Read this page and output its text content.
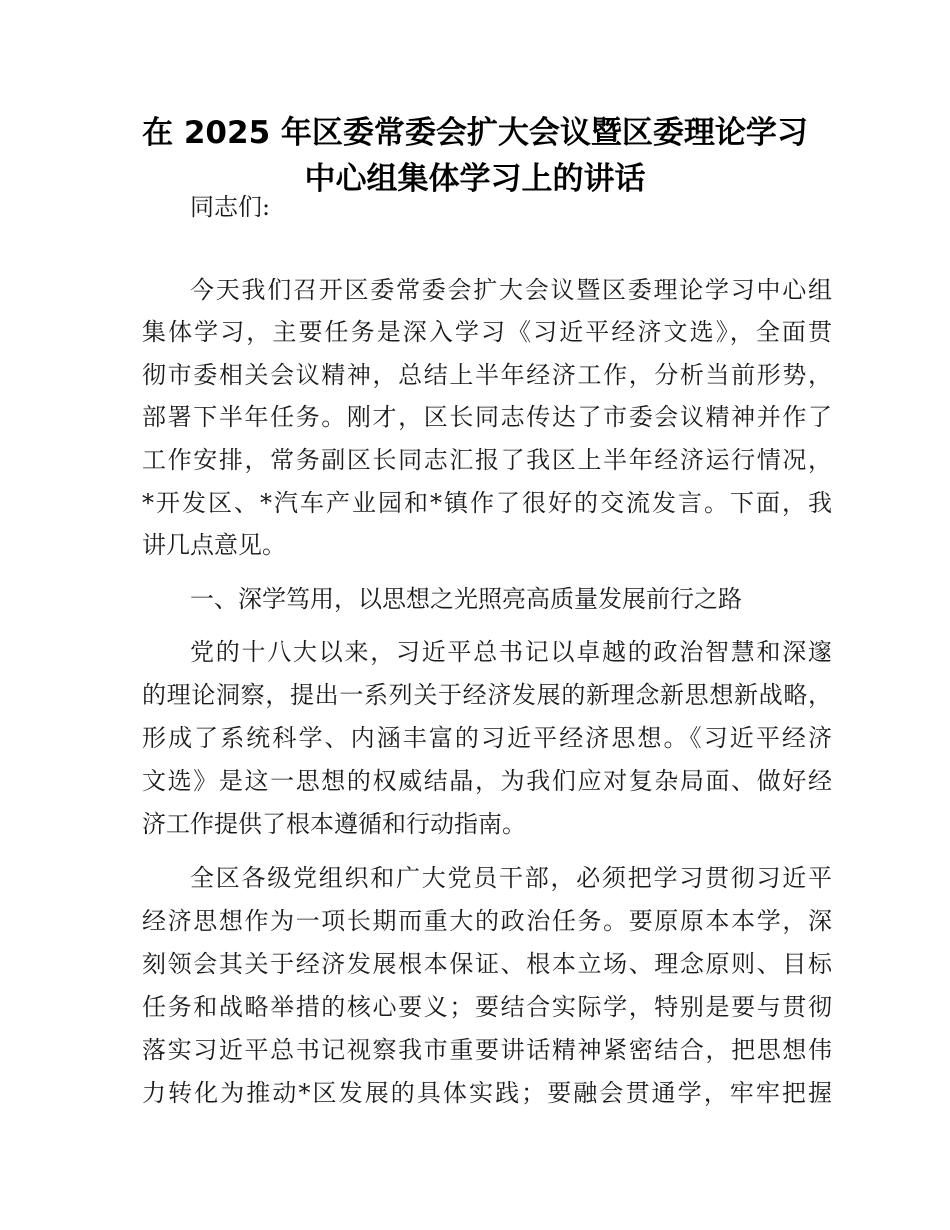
在 2025 年区委常委会扩大会议暨区委理论学习
中心组集体学习上的讲话
同志们:
今天我们召开区委常委会扩大会议暨区委理论学习中心组
集体学习，主要任务是深入学习《习近平经济文选》，全面贯
彻市委相关会议精神，总结上半年经济工作，分析当前形势，
部署下半年任务。刚才，区长同志传达了市委会议精神并作了
工作安排，常务副区长同志汇报了我区上半年经济运行情况，
*开发区、*汽车产业园和*镇作了很好的交流发言。下面，我
讲几点意见。
一、深学笃用，以思想之光照亮高质量发展前行之路
党的十八大以来，习近平总书记以卓越的政治智慧和深邃
的理论洞察，提出一系列关于经济发展的新理念新思想新战略，
形成了系统科学、内涵丰富的习近平经济思想。《习近平经济
文选》是这一思想的权威结晶，为我们应对复杂局面、做好经
济工作提供了根本遵循和行动指南。
全区各级党组织和广大党员干部，必须把学习贯彻习近平
经济思想作为一项长期而重大的政治任务。要原原本本学，深
刻领会其关于经济发展根本保证、根本立场、理念原则、目标
任务和战略举措的核心要义；要结合实际学，特别是要与贯彻
落实习近平总书记视察我市重要讲话精神紧密结合，把思想伟
力转化为推动*区发展的具体实践；要融会贯通学，牢牢把握
